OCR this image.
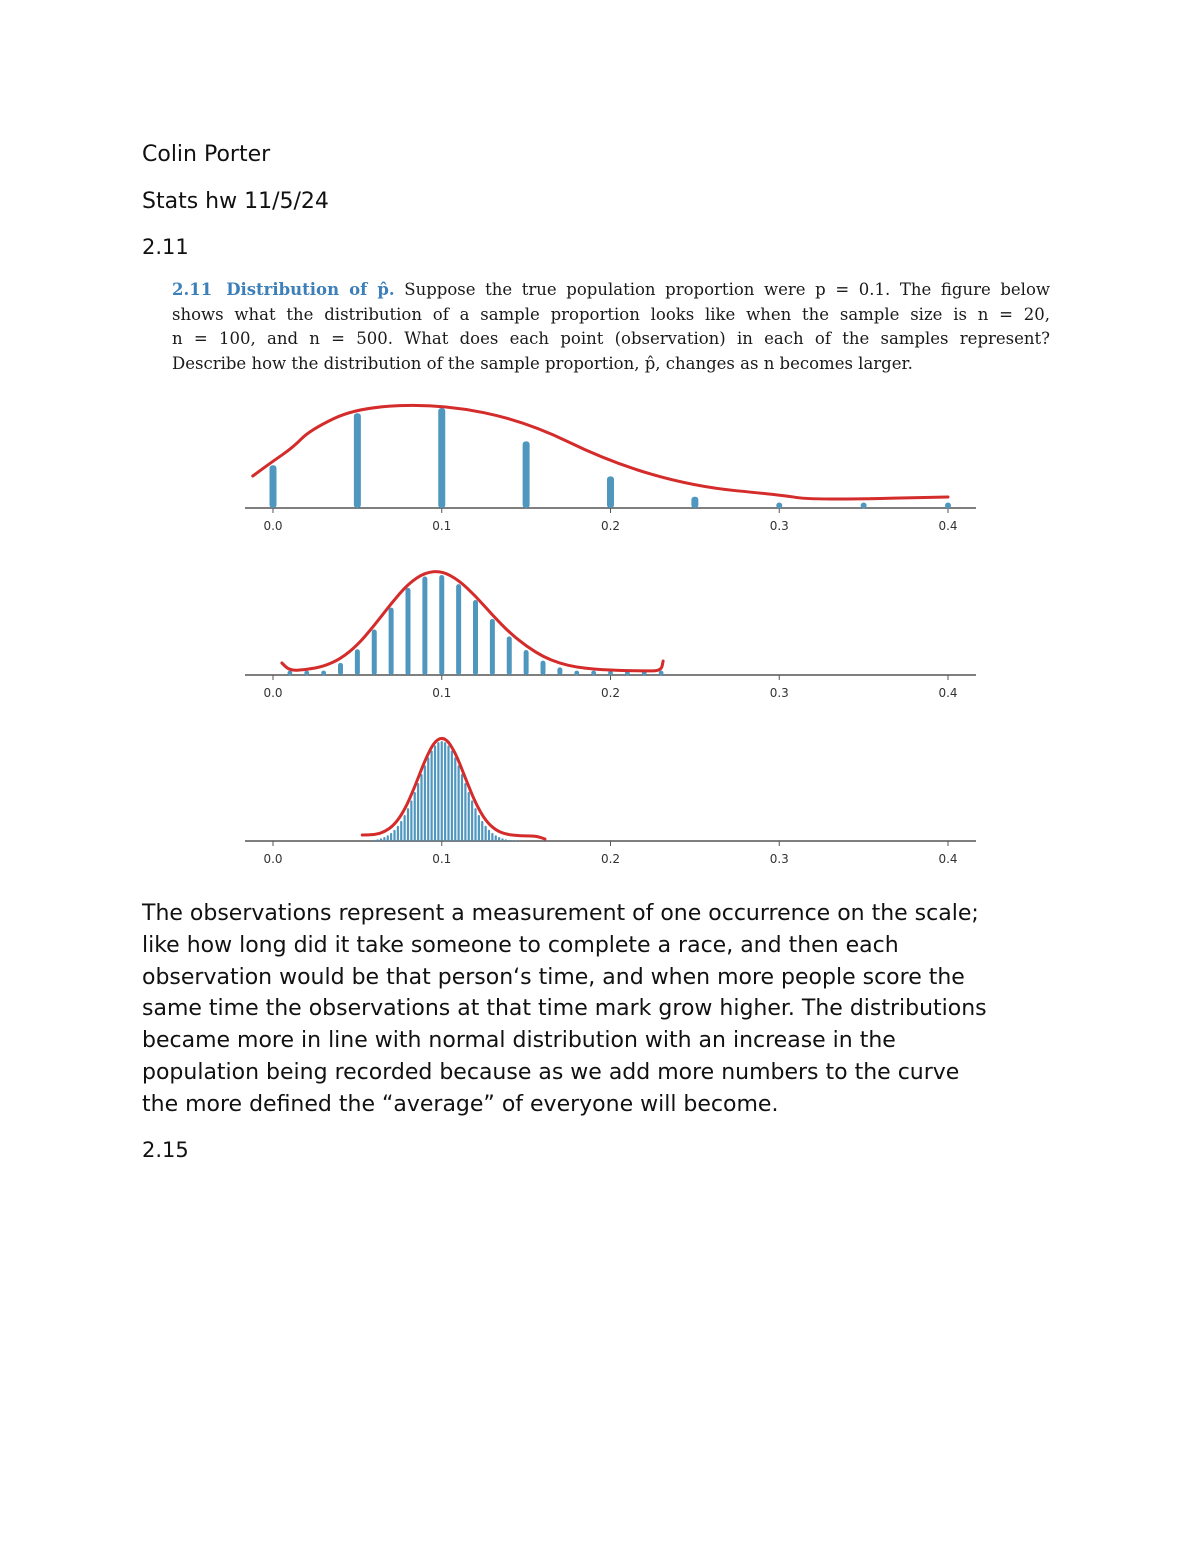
Colin Porter

Stats hw 11/5/24

2.11

2.11 Distribution of p̂. Suppose the true population proportion were p = 0.1. The figure below
shows what the distribution of a sample proportion looks like when the sample size is n = 20,
n = 100, and n = 500. What does each point (observation) in each of the samples represent?
Describe how the distribution of the sample proportion, p̂, changes as n becomes larger.
0.0	0.1	0.2	0.3	0.4
0.0	0.1	0.2	0.3	0.4
0.0	0.1	0.2	0.3	0.4
The observations represent a measurement of one occurrence on the scale;
like how long did it take someone to complete a race, and then each
observation would be that person‘s time, and when more people score the
same time the observations at that time mark grow higher. The distributions
became more in line with normal distribution with an increase in the
population being recorded because as we add more numbers to the curve
the more defined the “average” of everyone will become.

2.15
